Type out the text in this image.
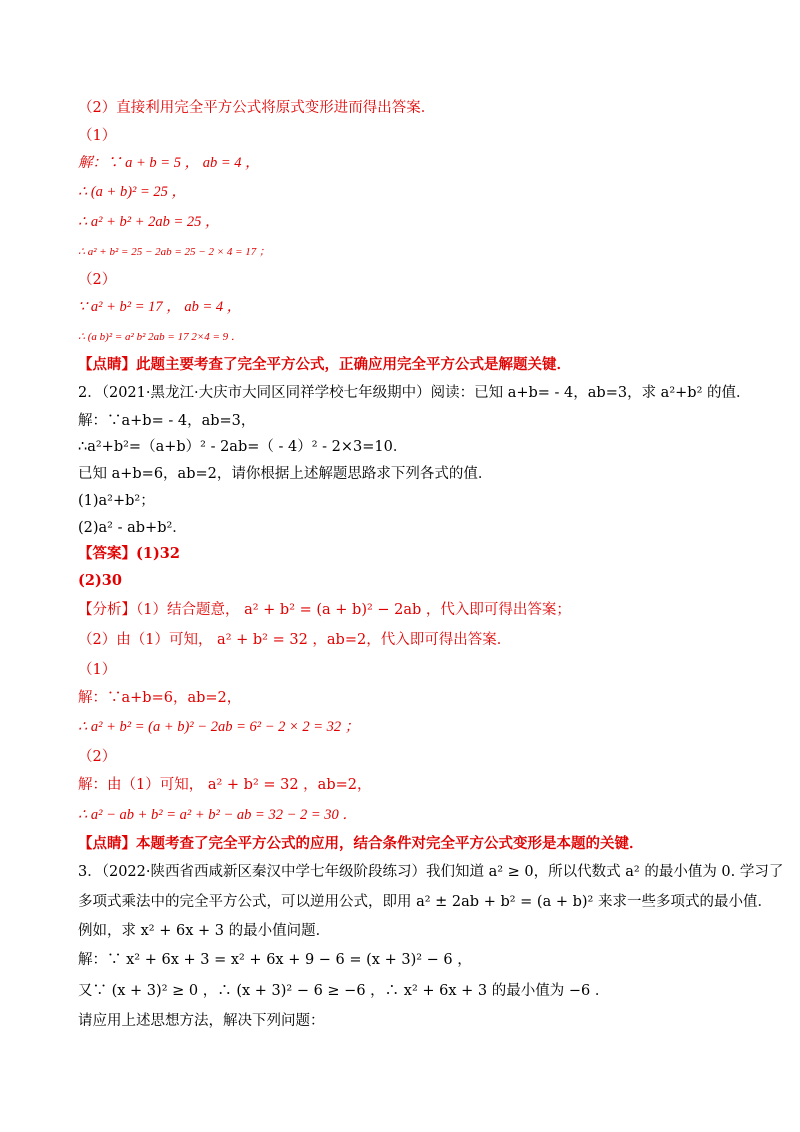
（2）直接利用完全平方公式将原式变形进而得出答案．
（1）
解：∵ a + b = 5 ， ab = 4 ，
∴ (a + b)² = 25 ，
∴ a² + b² + 2ab = 25 ，
∴ a² + b² = 25 − 2ab = 25 − 2 × 4 = 17 ；
（2）
∵ a² + b² = 17 ， ab = 4 ，
∴ (a b)² = a² b² 2ab = 17 2×4 = 9 ．
【点睛】此题主要考查了完全平方公式，正确应用完全平方公式是解题关键．
2．（2021·黑龙江·大庆市大同区同祥学校七年级期中）阅读：已知 a+b= - 4，ab=3，求 a²+b² 的值．
解：∵a+b= - 4，ab=3，
∴a²+b²=（a+b）² - 2ab=（ - 4）² - 2×3=10．
已知 a+b=6，ab=2，请你根据上述解题思路求下列各式的值．
(1)a²+b²；
(2)a² - ab+b²．
【答案】(1)32
(2)30
【分析】（1）结合题意， a² + b² = (a + b)² − 2ab ，代入即可得出答案；
（2）由（1）可知， a² + b² = 32 ，ab=2，代入即可得出答案．
（1）
解：∵a+b=6，ab=2，
∴ a² + b² = (a + b)² − 2ab = 6² − 2 × 2 = 32 ；
（2）
解：由（1）可知， a² + b² = 32 ，ab=2，
∴ a² − ab + b² = a² + b² − ab = 32 − 2 = 30 ．
【点睛】本题考查了完全平方公式的应用，结合条件对完全平方公式变形是本题的关键．
3．（2022·陕西省西咸新区秦汉中学七年级阶段练习）我们知道 a² ≥ 0，所以代数式 a² 的最小值为 0. 学习了
多项式乘法中的完全平方公式，可以逆用公式，即用 a² ± 2ab + b² = (a + b)² 来求一些多项式的最小值．
例如，求 x² + 6x + 3 的最小值问题．
解：∵ x² + 6x + 3 = x² + 6x + 9 − 6 = (x + 3)² − 6 ，
又∵ (x + 3)² ≥ 0 ，∴ (x + 3)² − 6 ≥ −6 ，∴ x² + 6x + 3 的最小值为 −6 ．
请应用上述思想方法，解决下列问题：
